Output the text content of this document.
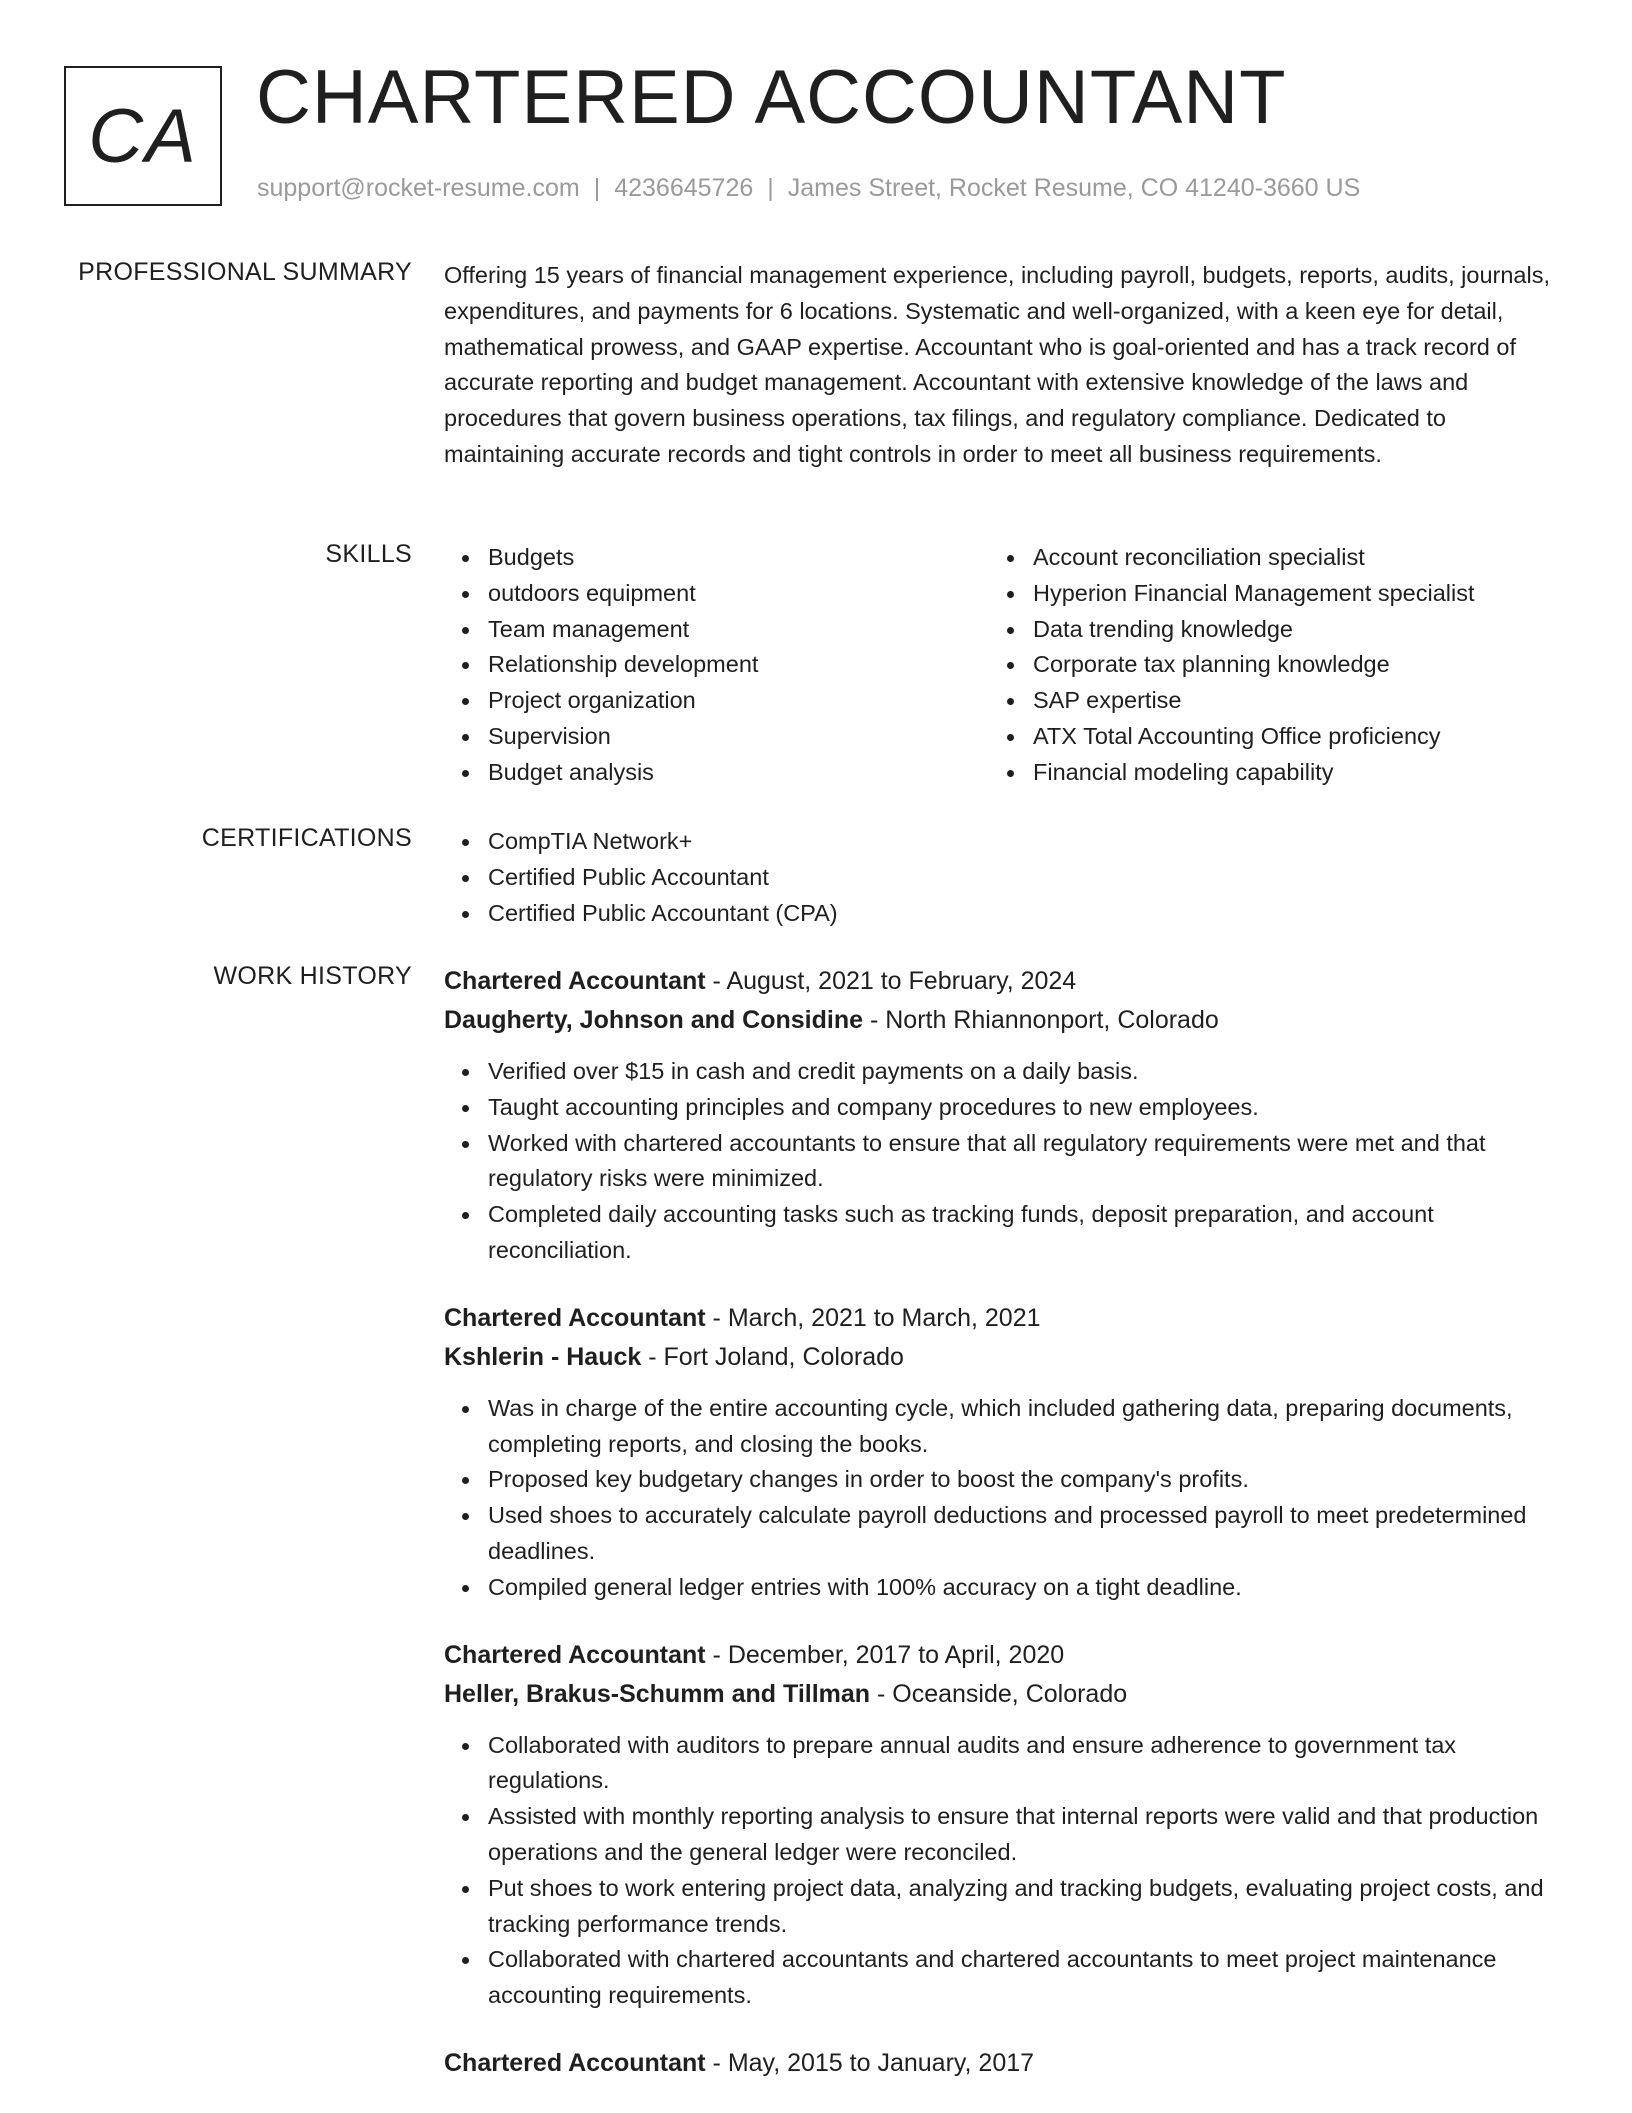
CA CHARTERED ACCOUNTANT
support@rocket-resume.com | 4236645726 | James Street, Rocket Resume, CO 41240-3660 US
PROFESSIONAL SUMMARY Offering 15 years of financial management experience, including payroll, budgets, reports, audits, journals, expenditures, and payments for 6 locations. Systematic and well-organized, with a keen eye for detail, mathematical prowess, and GAAP expertise. Accountant who is goal-oriented and has a track record of accurate reporting and budget management. Accountant with extensive knowledge of the laws and procedures that govern business operations, tax filings, and regulatory compliance. Dedicated to maintaining accurate records and tight controls in order to meet all business requirements.

SKILLS	Budgets
outdoors equipment
Team management
Relationship development
Project organization
Supervision
Budget analysis
Account reconciliation specialist
Hyperion Financial Management specialist
Data trending knowledge
Corporate tax planning knowledge
SAP expertise
ATX Total Accounting Office proficiency
Financial modeling capability
CERTIFICATIONS	CompTIA Network+
Certified Public Accountant
Certified Public Accountant (CPA)
WORK HISTORY Chartered Accountant - August, 2021 to February, 2024
Daugherty, Johnson and Considine - North Rhiannonport, Colorado
Verified over $15 in cash and credit payments on a daily basis.
Taught accounting principles and company procedures to new employees.
Worked with chartered accountants to ensure that all regulatory requirements were met and that regulatory risks were minimized.
Completed daily accounting tasks such as tracking funds, deposit preparation, and account reconciliation.
Chartered Accountant - March, 2021 to March, 2021
Kshlerin - Hauck - Fort Joland, Colorado
Was in charge of the entire accounting cycle, which included gathering data, preparing documents, completing reports, and closing the books.
Proposed key budgetary changes in order to boost the company's profits.
Used shoes to accurately calculate payroll deductions and processed payroll to meet predetermined deadlines.
Compiled general ledger entries with 100% accuracy on a tight deadline.
Chartered Accountant - December, 2017 to April, 2020
Heller, Brakus-Schumm and Tillman - Oceanside, Colorado
Collaborated with auditors to prepare annual audits and ensure adherence to government tax regulations.
Assisted with monthly reporting analysis to ensure that internal reports were valid and that production operations and the general ledger were reconciled.
Put shoes to work entering project data, analyzing and tracking budgets, evaluating project costs, and tracking performance trends.
Collaborated with chartered accountants and chartered accountants to meet project maintenance accounting requirements.
Chartered Accountant - May, 2015 to January, 2017
